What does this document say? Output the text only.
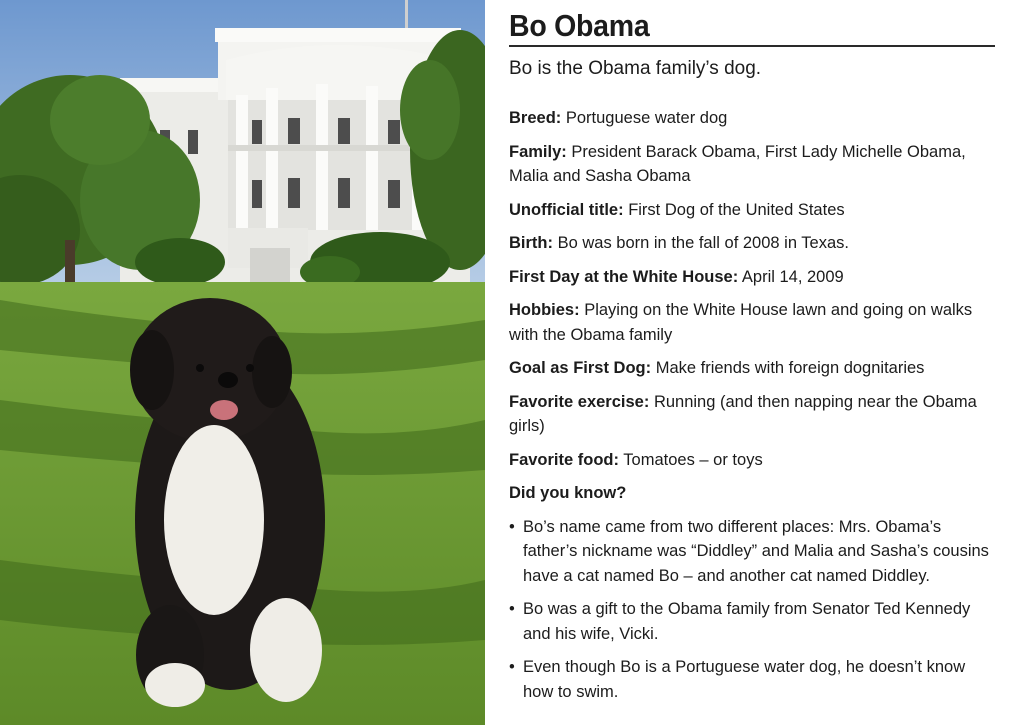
Bo Obama
Bo is the Obama family’s dog.
Breed: Portuguese water dog
Family: President Barack Obama, First Lady Michelle Obama, Malia and Sasha Obama
Unofficial title: First Dog of the United States
Birth: Bo was born in the fall of 2008 in Texas.
First Day at the White House: April 14, 2009
Hobbies: Playing on the White House lawn and going on walks with the Obama family
Goal as First Dog: Make friends with foreign dognitaries
Favorite exercise: Running (and then napping near the Obama girls)
Favorite food: Tomatoes – or toys
Did you know?
• Bo’s name came from two different places: Mrs. Obama’s father’s nickname was “Diddley” and Malia and Sasha’s cousins have a cat named Bo – and another cat named Diddley.
• Bo was a gift to the Obama family from Senator Ted Kennedy and his wife, Vicki.
• Even though Bo is a Portuguese water dog, he doesn’t know how to swim.
